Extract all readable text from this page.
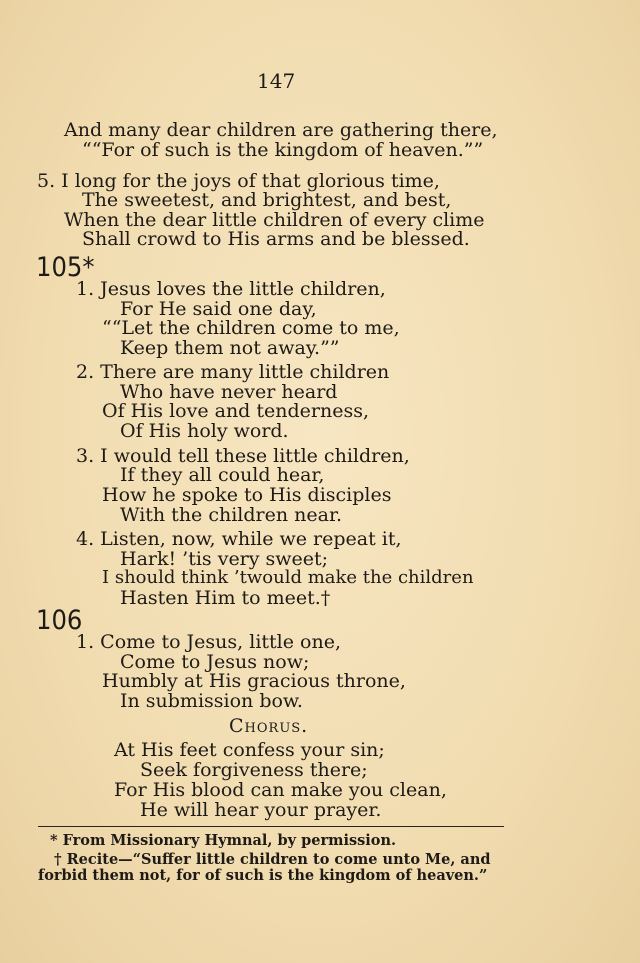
147
And many dear children are gathering there,
““For of such is the kingdom of heaven.””
5. I long for the joys of that glorious time,
The sweetest, and brightest, and best,
When the dear little children of every clime
Shall crowd to His arms and be blessed.
105*
1. Jesus loves the little children,
For He said one day,
““Let the children come to me,
Keep them not away.””
2. There are many little children
Who have never heard
Of His love and tenderness,
Of His holy word.
3. I would tell these little children,
If they all could hear,
How he spoke to His disciples
With the children near.
4. Listen, now, while we repeat it,
Hark! ’tis very sweet;
I should think ’twould make the children
Hasten Him to meet.†
106
1. Come to Jesus, little one,
Come to Jesus now;
Humbly at His gracious throne,
In submission bow.
Chorus.
At His feet confess your sin;
Seek forgiveness there;
For His blood can make you clean,
He will hear your prayer.
* From Missionary Hymnal, by permission.
† Recite—“Suffer little children to come unto Me, and
forbid them not, for of such is the kingdom of heaven.”
